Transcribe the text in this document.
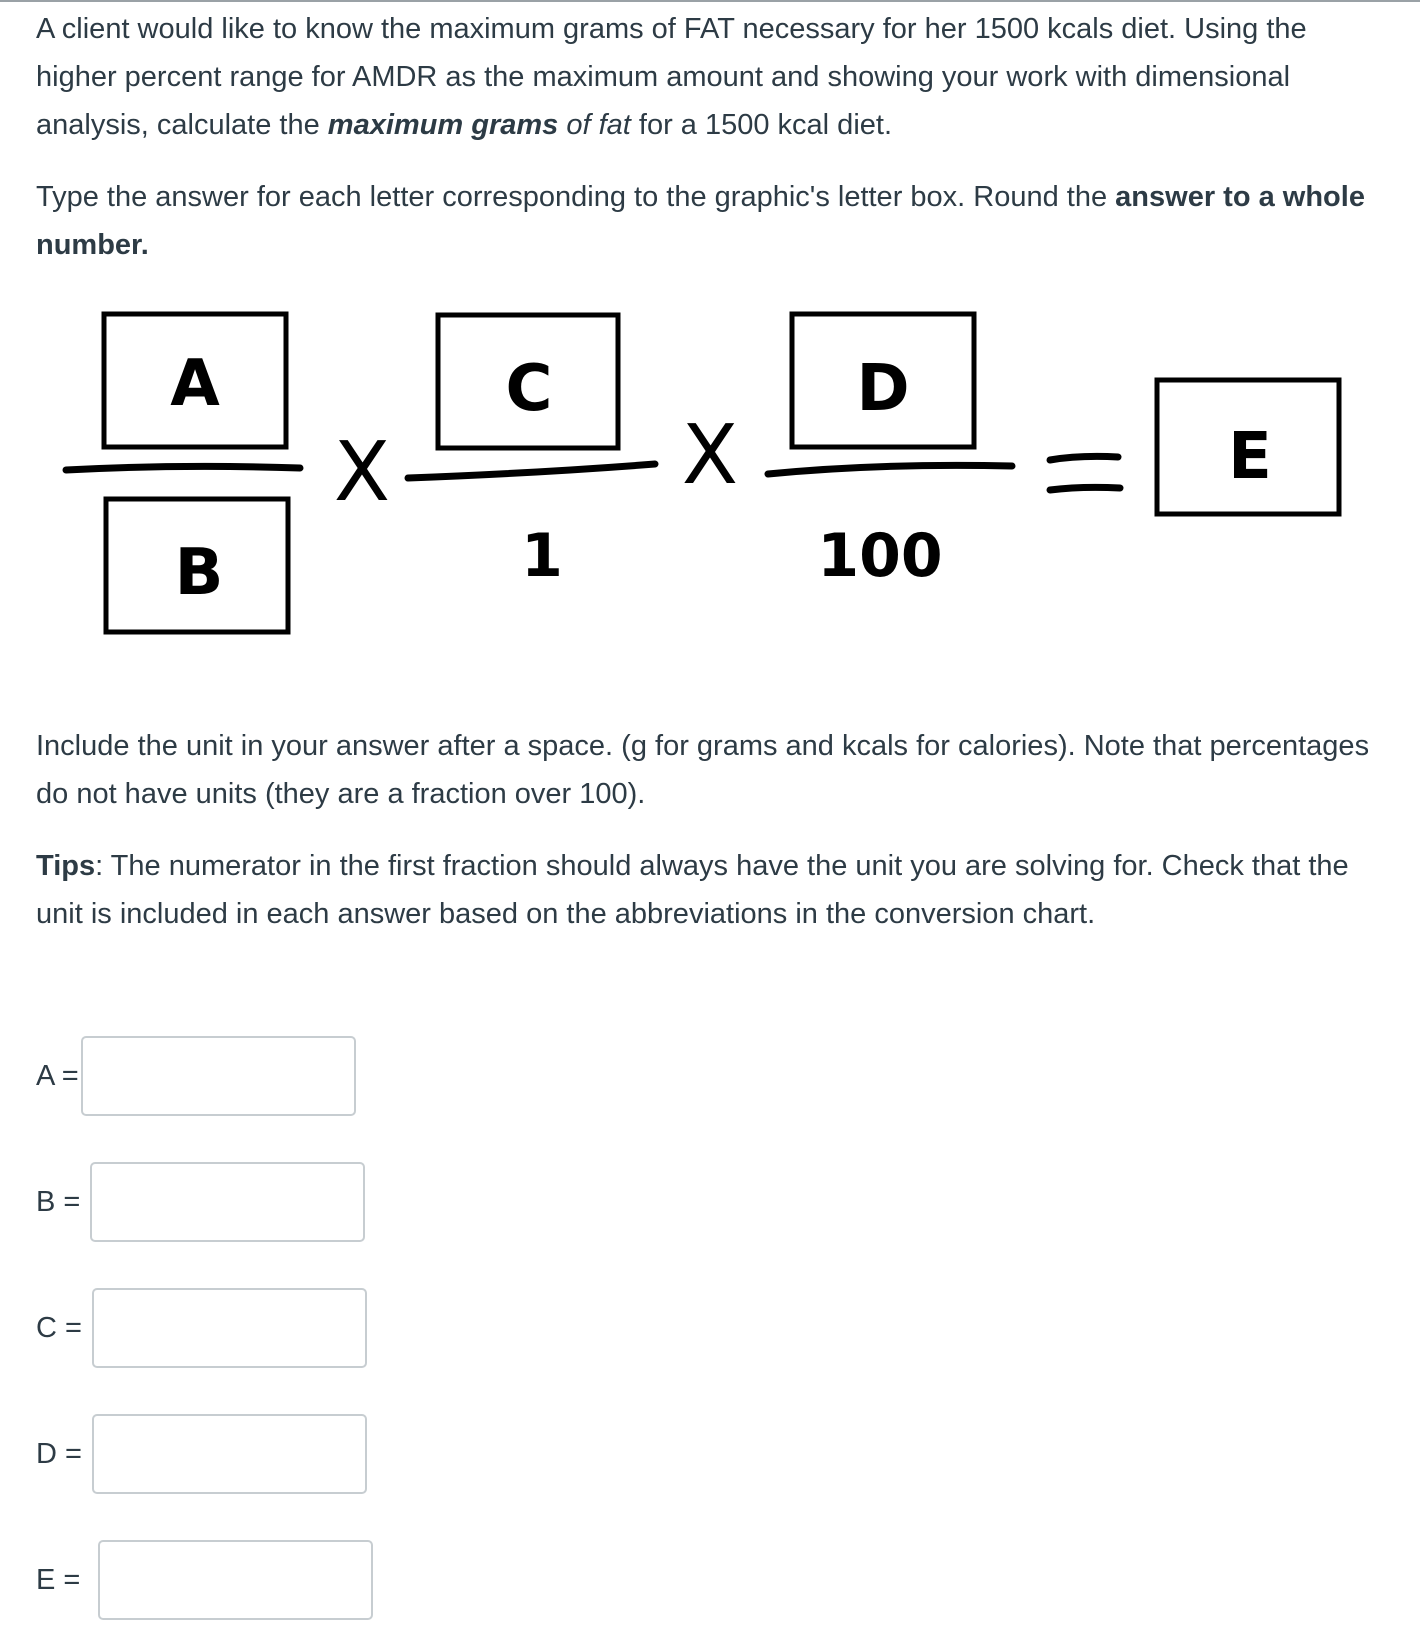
A client would like to know the maximum grams of FAT necessary for her 1500 kcals diet. Using the higher percent range for AMDR as the maximum amount and showing your work with dimensional analysis, calculate the maximum grams of fat for a 1500 kcal diet.

Type the answer for each letter corresponding to the graphic's letter box. Round the answer to a whole number.

A
B
X
C
1
X
D
100
E

Include the unit in your answer after a space. (g for grams and kcals for calories). Note that percentages do not have units (they are a fraction over 100).

Tips: The numerator in the first fraction should always have the unit you are solving for. Check that the unit is included in each answer based on the abbreviations in the conversion chart.

A =
B =
C =
D =
E =
